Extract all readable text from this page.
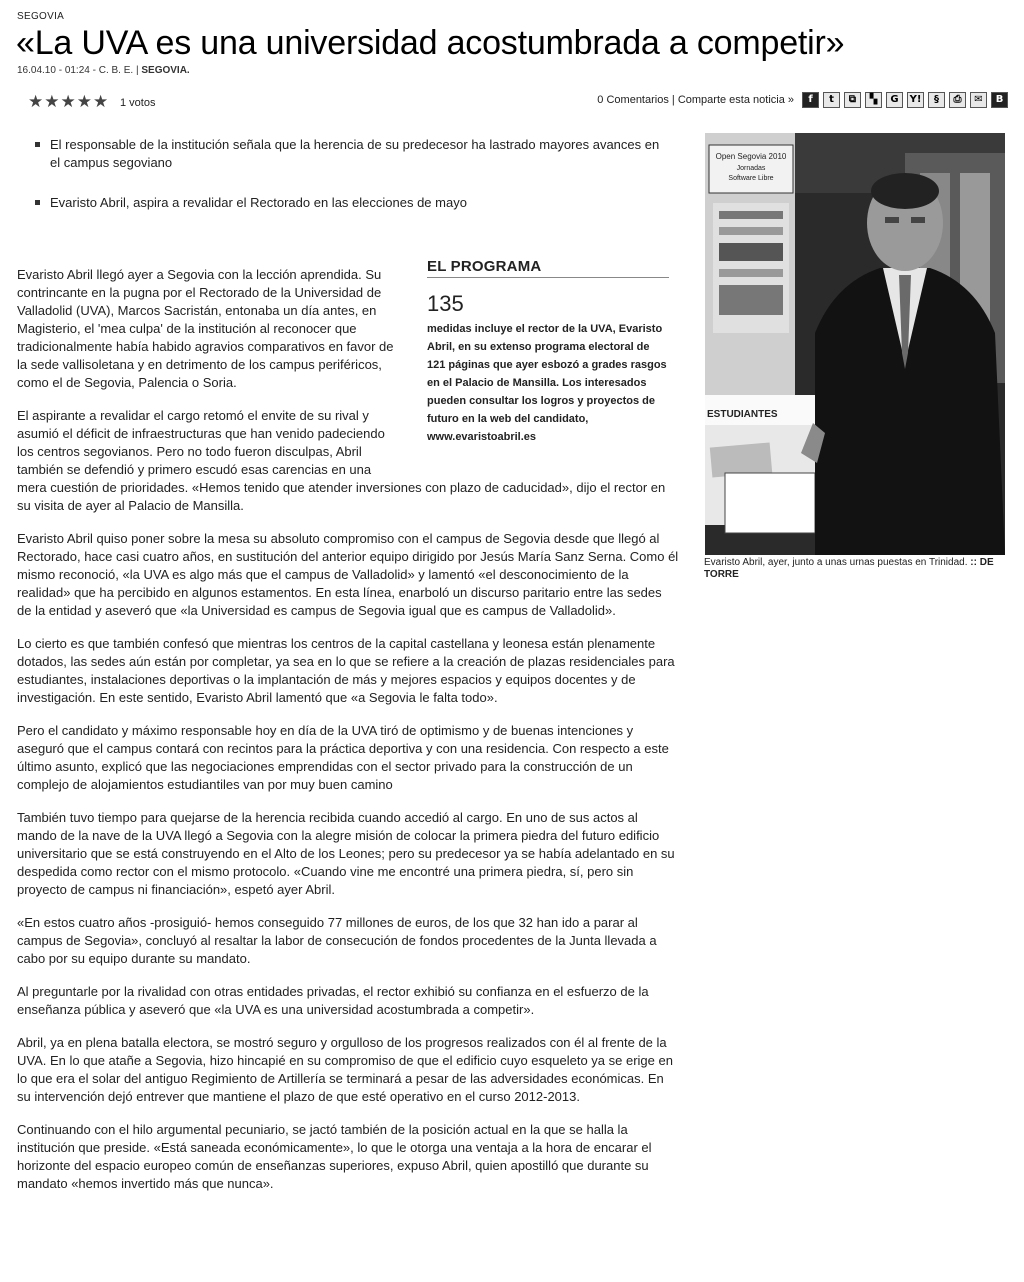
SEGOVIA
«La UVA es una universidad acostumbrada a competir»
16.04.10 - 01:24 - C. B. E. | SEGOVIA.
★ ★ ★ ★ ★ 1 votos	0 Comentarios | Comparte esta noticia »	f	t	⧉	▚	G	Y!	§	⎙	✉	B
El responsable de la institución señala que la herencia de su predecesor ha lastrado mayores avances en el campus segoviano
Evaristo Abril, aspira a revalidar el Rectorado en las elecciones de mayo
EL PROGRAMA
135
medidas incluye el rector de la UVA, Evaristo Abril, en su extenso programa electoral de 121 páginas que ayer esbozó a grades rasgos en el Palacio de Mansilla. Los interesados pueden consultar los logros y proyectos de futuro en la web del candidato, www.evaristoabril.es

Evaristo Abril llegó ayer a Segovia con la lección aprendida. Su contrincante en la pugna por el Rectorado de la Universidad de Valladolid (UVA), Marcos Sacristán, entonaba un día antes, en Magisterio, el 'mea culpa' de la institución al reconocer que tradicionalmente había habido agravios comparativos en favor de la sede vallisoletana y en detrimento de los campus periféricos, como el de Segovia, Palencia o Soria.

El aspirante a revalidar el cargo retomó el envite de su rival y asumió el déficit de infraestructuras que han venido padeciendo los centros segovianos. Pero no todo fueron disculpas, Abril también se defendió y primero escudó esas carencias en una mera cuestión de prioridades. «Hemos tenido que atender inversiones con plazo de caducidad», dijo el rector en su visita de ayer al Palacio de Mansilla.

Evaristo Abril quiso poner sobre la mesa su absoluto compromiso con el campus de Segovia desde que llegó al Rectorado, hace casi cuatro años, en sustitución del anterior equipo dirigido por Jesús María Sanz Serna. Como él mismo reconoció, «la UVA es algo más que el campus de Valladolid» y lamentó «el desconocimiento de la realidad» que ha percibido en algunos estamentos. En esta línea, enarboló un discurso paritario entre las sedes de la entidad y aseveró que «la Universidad es campus de Segovia igual que es campus de Valladolid».

Lo cierto es que también confesó que mientras los centros de la capital castellana y leonesa están plenamente dotados, las sedes aún están por completar, ya sea en lo que se refiere a la creación de plazas residenciales para estudiantes, instalaciones deportivas o la implantación de más y mejores espacios y equipos docentes y de investigación. En este sentido, Evaristo Abril lamentó que «a Segovia le falta todo».

Pero el candidato y máximo responsable hoy en día de la UVA tiró de optimismo y de buenas intenciones y aseguró que el campus contará con recintos para la práctica deportiva y con una residencia. Con respecto a este último asunto, explicó que las negociaciones emprendidas con el sector privado para la construcción de un complejo de alojamientos estudiantiles van por muy buen camino

También tuvo tiempo para quejarse de la herencia recibida cuando accedió al cargo. En uno de sus actos al mando de la nave de la UVA llegó a Segovia con la alegre misión de colocar la primera piedra del futuro edificio universitario que se está construyendo en el Alto de los Leones; pero su predecesor ya se había adelantado en su despedida como rector con el mismo protocolo. «Cuando vine me encontré una primera piedra, sí, pero sin proyecto de campus ni financiación», espetó ayer Abril.

«En estos cuatro años -prosiguió- hemos conseguido 77 millones de euros, de los que 32 han ido a parar al campus de Segovia», concluyó al resaltar la labor de consecución de fondos procedentes de la Junta llevada a cabo por su equipo durante su mandato.

Al preguntarle por la rivalidad con otras entidades privadas, el rector exhibió su confianza en el esfuerzo de la enseñanza pública y aseveró que «la UVA es una universidad acostumbrada a competir».

Abril, ya en plena batalla electora, se mostró seguro y orgulloso de los progresos realizados con él al frente de la UVA. En lo que atañe a Segovia, hizo hincapié en su compromiso de que el edificio cuyo esqueleto ya se erige en lo que era el solar del antiguo Regimiento de Artillería se terminará a pesar de las adversidades económicas. En su intervención dejó entrever que mantiene el plazo de que esté operativo en el curso 2012-2013.

Continuando con el hilo argumental pecuniario, se jactó también de la posición actual en la que se halla la institución que preside. «Está saneada económicamente», lo que le otorga una ventaja a la hora de encarar el horizonte del espacio europeo común de enseñanzas superiores, expuso Abril, quien apostilló que durante su mandato «hemos invertido más que nunca».

Open Segovia 2010
Jornadas
Software Libre
ESTUDIANTES
Evaristo Abril, ayer, junto a unas urnas puestas en Trinidad. :: DE TORRE
